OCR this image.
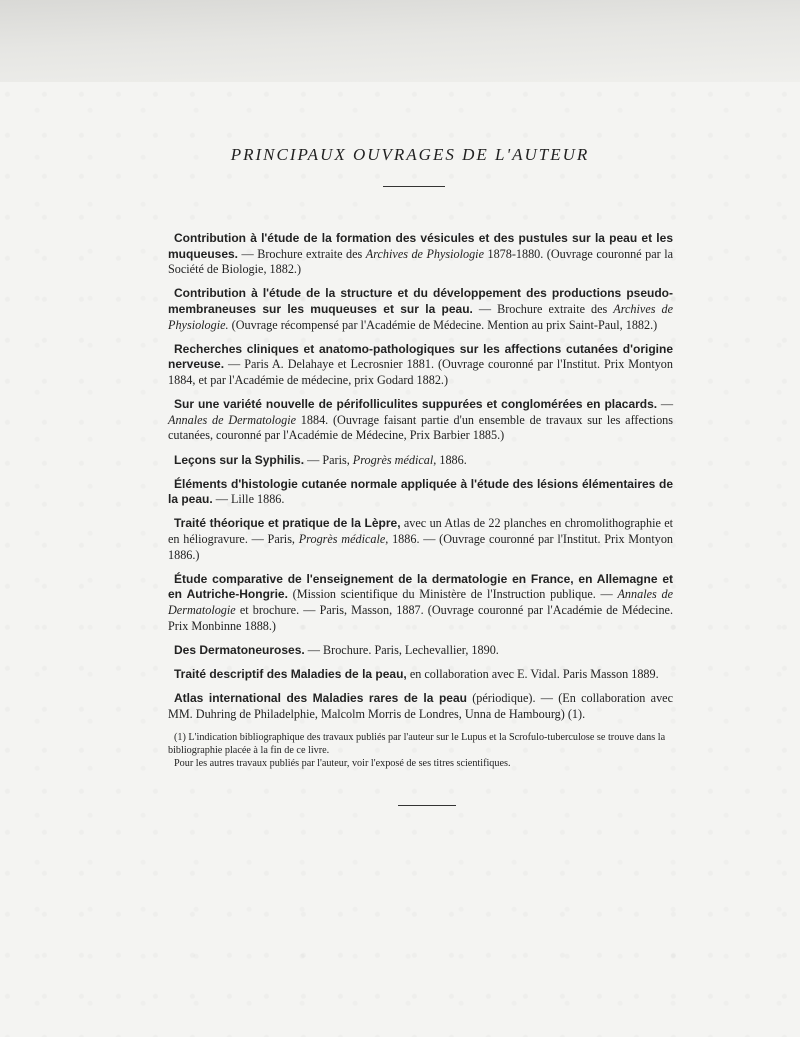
PRINCIPAUX OUVRAGES DE L'AUTEUR

Contribution à l'étude de la formation des vésicules et des pustules sur la peau et les muqueuses. — Brochure extraite des Archives de Physiologie 1878-1880. (Ouvrage couronné par la Société de Biologie, 1882.)

Contribution à l'étude de la structure et du développement des productions pseudo-membraneuses sur les muqueuses et sur la peau. — Brochure extraite des Archives de Physiologie. (Ouvrage récompensé par l'Académie de Médecine. Mention au prix Saint-Paul, 1882.)

Recherches cliniques et anatomo-pathologiques sur les affections cutanées d'origine nerveuse. — Paris A. Delahaye et Lecrosnier 1881. (Ouvrage couronné par l'Institut. Prix Montyon 1884, et par l'Académie de médecine, prix Godard 1882.)

Sur une variété nouvelle de périfolliculites suppurées et conglomérées en placards. — Annales de Dermatologie 1884. (Ouvrage faisant partie d'un ensemble de travaux sur les affections cutanées, couronné par l'Académie de Médecine, Prix Barbier 1885.)

Leçons sur la Syphilis. — Paris, Progrès médical, 1886.

Éléments d'histologie cutanée normale appliquée à l'étude des lésions élémentaires de la peau. — Lille 1886.

Traité théorique et pratique de la Lèpre, avec un Atlas de 22 planches en chromolithographie et en héliogravure. — Paris, Progrès médicale, 1886. — (Ouvrage couronné par l'Institut. Prix Montyon 1886.)

Étude comparative de l'enseignement de la dermatologie en France, en Allemagne et en Autriche-Hongrie. (Mission scientifique du Ministère de l'Instruction publique. — Annales de Dermatologie et brochure. — Paris, Masson, 1887. (Ouvrage couronné par l'Académie de Médecine. Prix Monbinne 1888.)

Des Dermatoneuroses. — Brochure. Paris, Lechevallier, 1890.

Traité descriptif des Maladies de la peau, en collaboration avec E. Vidal. Paris Masson 1889.

Atlas international des Maladies rares de la peau (périodique). — (En collaboration avec MM. Duhring de Philadelphie, Malcolm Morris de Londres, Unna de Hambourg) (1).

(1) L'indication bibliographique des travaux publiés par l'auteur sur le Lupus et la Scrofulo-tuberculose se trouve dans la bibliographie placée à la fin de ce livre.

Pour les autres travaux publiés par l'auteur, voir l'exposé de ses titres scientifiques.
